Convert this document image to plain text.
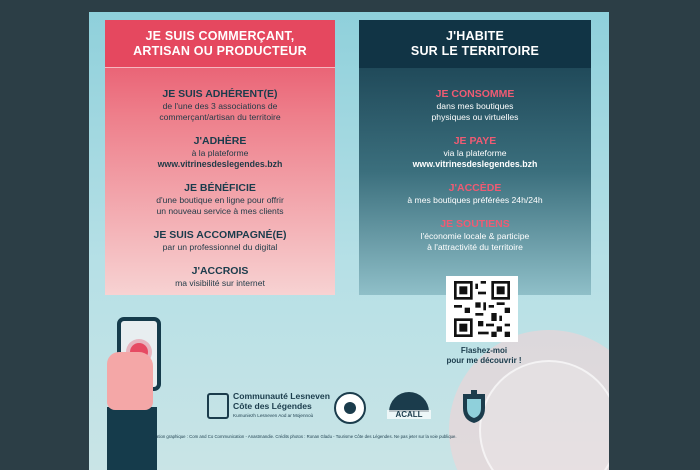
JE SUIS COMMERÇANT,
ARTISAN OU PRODUCTEUR
JE SUIS ADHÉRENT(E)
de l'une des 3 associations de
commerçant/artisan du territoire
J'ADHÈRE
à la plateforme
www.vitrinesdeslegendes.bzh
JE BÉNÉFICIE
d'une boutique en ligne pour offrir
un nouveau service à mes clients
JE SUIS ACCOMPAGNÉ(E)
par un professionnel du digital
J'ACCROIS
ma visibilité sur internet
J'HABITE
SUR LE TERRITOIRE
JE CONSOMME
dans mes boutiques
physiques ou virtuelles
JE PAYE
via la plateforme
www.vitrinesdeslegendes.bzh
J'ACCÈDE
à mes boutiques préférées 24h/24h
JE SOUTIENS
l'économie locale & participe
à l'attractivité du territoire
Flashez-moi
pour me découvrir !
Communauté Lesneven
Côte des Légendes
Kumuniezh Lesneven Aod ar Mojennoù	ACALL
Création graphique : Com and Co Communication - Anastmandie. Crédits photos : Ronan Gladu - Tourisme Côte des Légendes. Ne pas jeter sur la voie publique.
